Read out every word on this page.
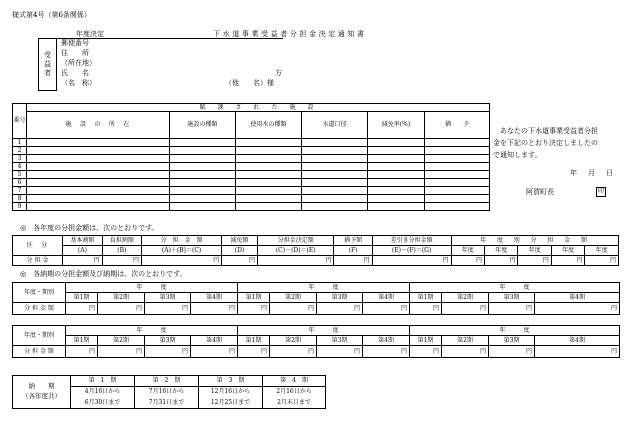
様式第4号（第6条関係）
年度決定	下水道事業受益者分担金決定通知書
受
益
者	
郵便番号
住　　所
（所在地）
氏　　名
（名　称）
方
（他　　名）様
番号	賦　課　さ　れ　た　施　設					
	施　設　の　所　在	施設の種類	使用水の種類	水道口径	減免率(%)	猶　　予
1						
2						
3						
4						
5						
6						
7						
8						
9						
あなたの下水道事業受益者分担
金を下記のとおり決定しましたの
で通知します。
年 月 日
阿賀町長	印
◎　各年度の分担金額は、次のとおりです。
区　分	基本割額	負担割額	分　担　金　額	減免額	分担金決定額	猶予額	差引き分担金額	年　度　別　分　担　金　額				
	(A)	(B)	(A)＋(B)＝(C)	(D)	(C)－(D)＝(E)	(F)	(E)－(F)＝(G)	年度	年度	年度	年度	年度
分 担 金	円	円	円	円	円	円	円	円	円	円	円	円
◎　各納期の分担金額及び納期は、次のとおりです。
年度・期別	年　　　度				年　　　度				年　　　度			
	第1期	第2期	第3期	第4期	第1期	第2期	第3期	第4期	第1期	第2期	第3期	第4期
分 担 金 額	円	円	円	円	円	円	円	円	円	円	円	円
年度・期別	年　　　度				年　　　度				年　　　度			
	第1期	第2期	第3期	第4期	第1期	第2期	第3期	第4期	第1期	第2期	第3期	第4期
分 担 金 額	円	円	円	円	円	円	円	円	円	円	円	円
納　　期
（各年度共）	第　1　期	第　2　期	第　3　期	第　4　期
	4月16日から	7月16日から	12月16日から	2月16日から
	6月30日まで	7月31日まで	12月25日まで	2月末日まで
